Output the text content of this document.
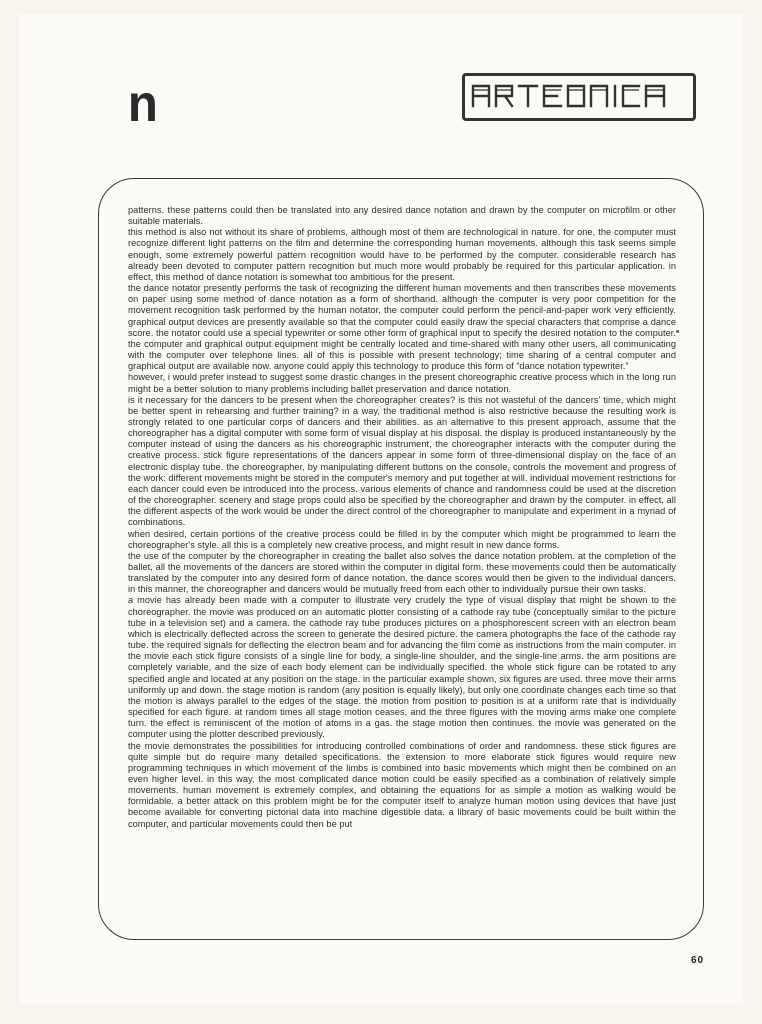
n

patterns. these patterns could then be translated into any desired dance notation and drawn by the computer on microfilm or other suitable materials.

this method is also not without its share of problems, although most of them are technological in nature. for one, the computer must recognize different light patterns on the film and determine the corresponding human movements. although this task seems simple enough, some extremely powerful pattern recognition would have to be performed by the computer. considerable research has already been devoted to computer pattern recognition but much more would probably be required for this particular application. in effect, this method of dance notation is somewhat too ambitious for the present.

the dance notator presently performs the task of recognizing the different human movements and then transcribes these movements on paper using some method of dance notation as a form of shorthand. although the computer is very poor competition for the movement recognition task performed by the human notator, the computer could perform the pencil-and-paper work very efficiently. graphical output devices are presently available so that the computer could easily draw the special characters that comprise a dance score. the notator could use a special typewriter or some other form of graphical input to specify the desired notation to the computer. the computer and graphical output equipment might be centrally located and time-shared with many other users, all communicating with the computer over telephone lines. all of this is possible with present technology; time sharing of a central computer and graphical output are available now. anyone could apply this technology to produce this form of “dance notation typewriter.”

however, i would prefer instead to suggest some drastic changes in the present choreographic creative process which in the long run might be a better solution to many problems including ballet preservation and dance notation.

is it necessary for the dancers to be present when the choreographer creates? is this not wasteful of the dancers' time, which might be better spent in rehearsing and further training? in a way, the traditional method is also restrictive because the resulting work is strongly related to one particular corps of dancers and their abilities. as an alternative to this present approach, assume that the choreographer has a digital computer with some form of visual display at his disposal. the display is produced instantaneously by the computer instead of using the dancers as his choreographic instrument, the choreographer interacts with the computer during the creative process. stick figure representations of the dancers appear in some form of three-dimensional display on the face of an electronic display tube. the choreographer, by manipulating different buttons on the console, controls the movement and progress of the work: different movements might be stored in the computer's memory and put together at will. individual movement restrictions for each dancer could even be introduced into the process. various elements of chance and randomness could be used at the discretion of the choreographer. scenery and stage props could also be specified by the choreographer and drawn by the computer. in effect, all the different aspects of the work would be under the direct control of the choreographer to manipulate and experiment in a myriad of combinations.

when desired, certain portions of the creative process could be filled in by the computer which might be programmed to learn the choreographer's style. all this is a completely new creative process, and might result in new dance forms.

the use of the computer by the choreographer in creating the ballet also solves the dance notation problem. at the completion of the ballet, all the movements of the dancers are stored within the computer in digital form. these movements could then be automatically translated by the computer into any desired form of dance notation. the dance scores would then be given to the individual dancers. in this manner, the choreographer and dancers would be mutually freed from each other to individually pursue their own tasks.

a movie has already been made with a computer to illustrate very crudely the type of visual display that might be shown to the choreographer. the movie was produced on an automatic plotter consisting of a cathode ray tube (conceptually similar to the picture tube in a television set) and a camera. the cathode ray tube produces pictures on a phosphorescent screen with an electron beam which is electrically deflected across the screen to generate the desired picture. the camera photographs the face of the cathode ray tube. the required signals for deflecting the electron beam and for advancing the film come as instructions from the main computer. in the movie each stick figure consists of a single line for body, a single-line shoulder, and the single-line arms. the arm positions are completely variable, and the size of each body element can be individually specified. the whole stick figure can be rotated to any specified angle and located at any position on the stage. in the particular example shown, six figures are used. three move their arms uniformly up and down. the stage motion is random (any position is equally likely), but only one coordinate changes each time so that the motion is always parallel to the edges of the stage. the motion from position to position is at a uniform rate that is individually specified for each figure. at random times all stage motion ceases, and the three figures with the moving arms make one complete turn. the effect is reminiscent of the motion of atoms in a gas. the stage motion then continues. the movie was generated on the computer using the plotter described previously.

the movie demonstrates the possibilities for introducing controlled combinations of order and randomness. these stick figures are quite simple but do require many detailed specifications. the extension to more elaborate stick figures would require new programming techniques in which movement of the limbs is combined into basic movements which might then be combined on an even higher level. in this way, the most complicated dance motion could be easily specified as a combination of relatively simple movements. human movement is extremely complex, and obtaining the equations for as simple a motion as walking would be formidable. a better attack on this problem might be for the computer itself to analyze human motion using devices that have just become available for converting pictorial data into machine digestible data. a library of basic movements could be built within the computer, and particular movements could then be put

60
